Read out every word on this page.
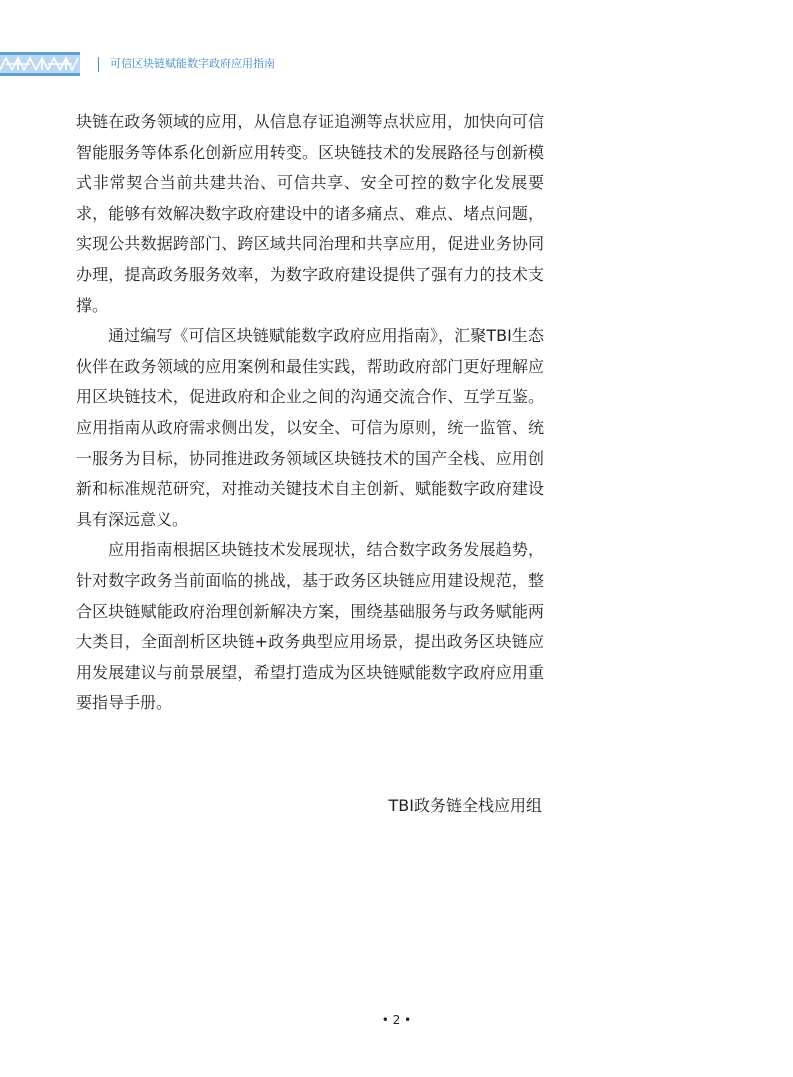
可信区块链赋能数字政府应用指南

块链在政务领域的应用，从信息存证追溯等点状应用，加快向可信智能服务等体系化创新应用转变。区块链技术的发展路径与创新模式非常契合当前共建共治、可信共享、安全可控的数字化发展要求，能够有效解决数字政府建设中的诸多痛点、难点、堵点问题，实现公共数据跨部门、跨区域共同治理和共享应用，促进业务协同办理，提高政务服务效率，为数字政府建设提供了强有力的技术支撑。

通过编写《可信区块链赋能数字政府应用指南》，汇聚TBI生态伙伴在政务领域的应用案例和最佳实践，帮助政府部门更好理解应用区块链技术，促进政府和企业之间的沟通交流合作、互学互鉴。应用指南从政府需求侧出发，以安全、可信为原则，统一监管、统一服务为目标，协同推进政务领域区块链技术的国产全栈、应用创新和标准规范研究，对推动关键技术自主创新、赋能数字政府建设具有深远意义。

应用指南根据区块链技术发展现状，结合数字政务发展趋势，针对数字政务当前面临的挑战，基于政务区块链应用建设规范，整合区块链赋能政府治理创新解决方案，围绕基础服务与政务赋能两大类目，全面剖析区块链+政务典型应用场景，提出政务区块链应用发展建议与前景展望，希望打造成为区块链赋能数字政府应用重要指导手册。

TBI政务链全栈应用组
• 2 •
